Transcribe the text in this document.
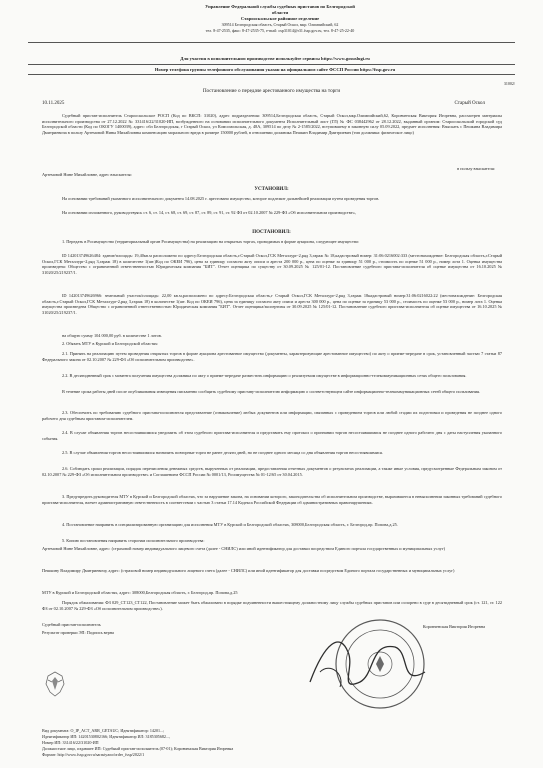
Управление Федеральной службы судебных приставов по Белгородской
области
Старооскольское районное отделение
309514 Белгородская область, Старый Оскол, мкр. Олимпийский, 62
тел. 8-47-2535, факс: 8-47-2535-75, e-mail: osp31014@r31.fssp.gov.ru, тел. 8-47-25-22-40
Для участия в исполнительном производстве используйте сервисы https://www.gosuslugi.ru
Номер телефона группы телефонного обслуживания указан на официальном сайте ФССП России https://fssp.gov.ru
31002/
Постановление о передаче арестованного имущества на торги
10.11.2025	Старый Оскол
Судебный пристав-исполнитель Старооскольское РОСП (Код по ВКСП: 31020), адрес подразделения: 309514,Белгородская область, Старый Оскол,мкр.Олимпийский,62, Коровченская Виктория Игоревна, рассмотрев материалы исполнительного производства от 27.12.2022 № 331416/22/31020-ИП, возбужденного на основании исполнительного документа Исполнительный лист (ГЛ) № ФС 038442962 от 28.12.2022, выданный органом: Старооскольский городской суд Белгородской области (Код по ОКОГУ 1400039), адрес: обл Белгородская, г Старый Оскол, ул Комсомольская, д. 48А, 309514 по делу № 2-1585/2022, вступившему в законную силу 05.09.2022, предмет исполнения: Взыскать с Пешкина Владимира Дмитриевича в пользу Артемовой Нины Михайловны компенсацию морального вреда в размере 150000 рублей, в отношении должника Пешкин Владимир Дмитриевич (тип должника: физическое лицо)
Артемовой Нине Михайловне, адрес взыскателя:
в пользу взыскателя:
УСТАНОВИЛ:
На основании требований указанного исполнительного документа 14.08.2025 г. арестовано имущество, которое подлежит дальнейшей реализации путем проведения торгов.
На основании изложенного, руководствуясь ст. 6, ст. 14, ст. 68, ст. 69, ст. 87, ст. 89, ст. 91, ст. 92 ФЗ от 02.10.2007 № 229-ФЗ «Об исполнительном производстве»,
ПОСТАНОВИЛ:
1. Передать в Росимущество (территориальный орган Росимущества) на реализацию на открытых торгах, проводимых в форме аукциона, следующее имущество:
ID 142013749626484: здание/площадь: 19,40кв.м расположено по адресу:Белгородская область,г.Старый Оскол,ГСК Металлург-2,ряд 3,гараж № 18,кадастровый номер: 31:06:0216002:333 (местонахождение: Белгородская область,г.Старый Оскол,ГСК Металлург-2,ряд 3,гараж 18) в количестве 1(шт.)Код по ОКЕИ 796), цена за единицу согласно акту описи и ареста 200 000 р., цена по оценке за единицу 51 000 р., стоимость по оценке 51 000 р., номер лота 1. Оценка имущества произведена: Общество с ограниченной ответственностью Юридическая компания "БИТ". Отчет оценщика по существу от 30.09.2025 № 125/01-12. Постановление судебного пристава-исполнителя об оценке имущества от 16.10.2025 № 31020/25/219237/1.
ID 142013749626966: земельный участок/площадь: 22,00 кв.м,расположено по адресу:Белгородская область,г Старый Оскол,ГСК Металлург-2,ряд 3,гараж 18кадастровый номер:31:06:0216022:22 (местонахождение: Белгородская область,г.Старый Оскол,ГСК Металлург-2,ряд 3,гараж 18) в количестве 1(шт. Код по ОКЕИ 796), цена за единицу согласно акту описи и ареста 300 000 р., цена по оценке за единицу 53 000 р., стоимость по оценке 53 000 р., номер лота 1. Оценка имущества произведена Общество с ограниченной ответственностью Юридическая компания "БИТ". Отчет оценщика/экспертизы от 30.09.2025 № 125/01-12. Постановление судебного пристава-исполнителя об оценке имущества от 16.10.2025 № 31020/25/219237/1.
на общую сумму 104 000,00 руб. в количестве 1 лотов.
2. Обязать МТУ в Курской и Белгородской областях:
2.1. Принять на реализацию путем проведения открытых торгов в форме аукциона арестованное имущество (документы, характеризующие арестованное имущество) по акту о приеме-передаче в срок, установленный частью 7 статьи 87 Федерального закона от 02.10.2007 № 229-ФЗ «Об исполнительном производстве».
2.2. В десятидневный срок с момента получения имущества должника по акту о приеме-передаче разместить информацию о реализуемом имуществе в информационно-телекоммуникационных сетях общего пользования.
В течение срока работы дней после опубликования извещения письменно сообщить судебному приставу-исполнителю информацию о соответствующем сайте информационно-телекоммуникационных сетей общего пользования.
2.3. Обеспечить по требованию судебного пристава-исполнителя представление (ознакомление) любых документов или информации, связанных с проведением торгов или любой стадии их подготовки и проведения не позднее одного рабочего дня судебным приставом-исполнителем.
2.4. В случае объявления торгов несостоявшимися уведомить об этом судебного пристава-исполнителя и представить ему протокол о признании торгов несостоявшимися не позднее одного рабочего дня с даты наступления указанного события.
2.5. В случае объявления торгов несостоявшимися назначить повторные торги не ранее десяти дней, но не позднее одного месяца со дня объявления торгов несостоявшимися.
2.6. Соблюдать сроки реализации, порядок перечисления денежных средств, вырученных от реализации, предоставления отчетных документов о результатах реализации, а также иные условия, предусмотренные Федеральным законом от 02.10.2007 № 229-ФЗ «Об исполнительном производстве» и Соглашением ФССП России № 0001/13, Росимущества № 01-12/65 от 30.04.2015.
3. Предупредить руководителя МТУ в Курской и Белгородской областях, что за нарушение закона, на основании которого, законодательства об исполнительном производстве, выразившееся в невыполнении законных требований судебного пристава-исполнителя, влечет административную ответственность в соответствии с частью 3 статьи 17.14 Кодекса Российской Федерации об административных правонарушениях.
4. Постановление направить в специализированную организацию для исполнения МТУ в Курской и Белгородской областях, 308000,Белгородская область, г. Белгород,пр. Попова,д.25.
5. Копию постановления направить сторонам исполнительного производства:
Артемовой Нине Михайловне, адрес: (страховой номер индивидуального лицевого счета (далее - СНИЛС) или иной идентификатор для доставки посредством Единого портала государственных и муниципальных услуг)
Пешкину Владимиру Дмитриевичу, адрес: (страховой номер индивидуального лицевого счета (далее - СНИЛС) или иной идентификатор для доставки посредством Единого портала государственных и муниципальных услуг)
МТУ в Курской и Белгородской областях, адрес: 308000,Белгородская область, г. Белгород,пр. Попова,д.25
Порядок обжалования: ФЗ 029_СТ123_СТ122, Постановление может быть обжаловано в порядке подчиненности вышестоящему должностному лицу службы судебных приставов или оспорено в суде в десятидневный срок (ст. 121, ст. 122 ФЗ от 02.10.2007 № 229-ФЗ «Об исполнительном производстве»).
Судебный пристав-исполнитель
Результат проверки ЭП: Подпись верна
Коровченская Виктория Игоревна
Вид документа: O_IP_ACT_ARR_GETAUC; Идентификатор: 14201...;
Идентификатор ИП: 14201530802166; Идентификатор ИЛ: 3185305682...,
Номер ИП: 331416/22/31020-ИП
Должностное лицо, издавшее ИП: Судебный пристав-исполнитель (07-01); Коровченская Виктория Игоревна
Формат: http://www.fssp.gov.ru/sarastyaoo/order_fssp/2022/1
